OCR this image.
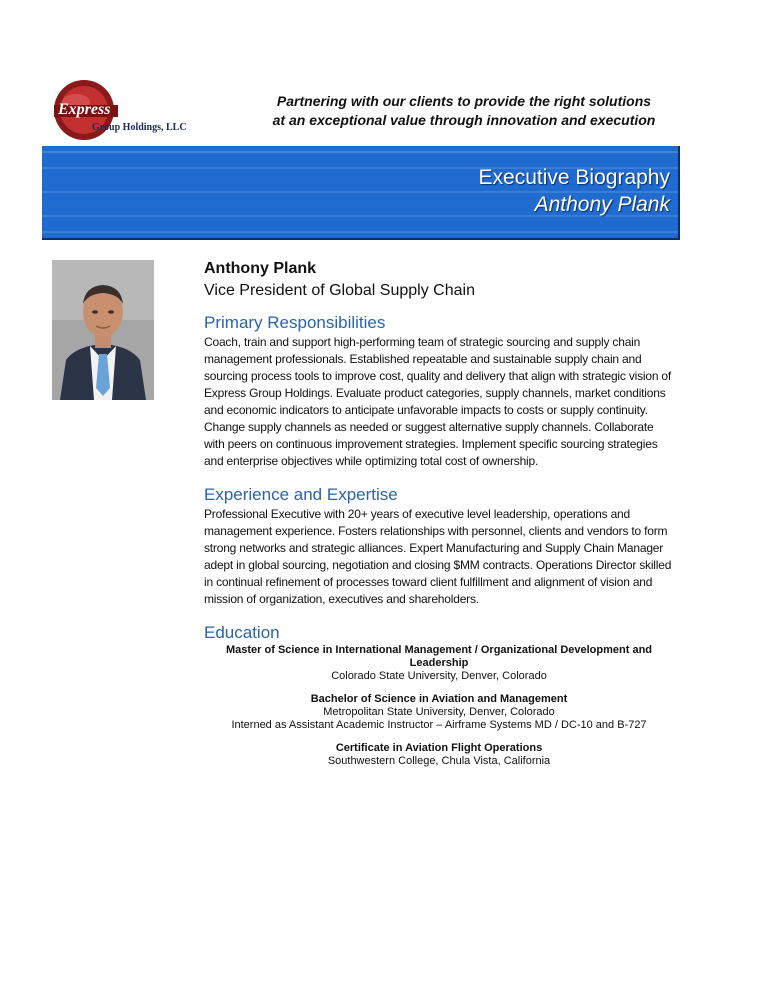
Express
Group Holdings, LLC
Partnering with our clients to provide the right solutions
at an exceptional value through innovation and execution
Executive Biography
Anthony Plank
Anthony Plank
Vice President of Global Supply Chain
Primary Responsibilities
Coach, train and support high-performing team of strategic sourcing and supply chain management professionals. Established repeatable and sustainable supply chain and sourcing process tools to improve cost, quality and delivery that align with strategic vision of Express Group Holdings. Evaluate product categories, supply channels, market conditions and economic indicators to anticipate unfavorable impacts to costs or supply continuity. Change supply channels as needed or suggest alternative supply channels. Collaborate with peers on continuous improvement strategies. Implement specific sourcing strategies and enterprise objectives while optimizing total cost of ownership.
Experience and Expertise
Professional Executive with 20+ years of executive level leadership, operations and management experience. Fosters relationships with personnel, clients and vendors to form strong networks and strategic alliances. Expert Manufacturing and Supply Chain Manager adept in global sourcing, negotiation and closing $MM contracts. Operations Director skilled in continual refinement of processes toward client fulfillment and alignment of vision and mission of organization, executives and shareholders.
Education
Master of Science in International Management / Organizational Development and Leadership
Colorado State University, Denver, Colorado
Bachelor of Science in Aviation and Management
Metropolitan State University, Denver, Colorado
Interned as Assistant Academic Instructor – Airframe Systems MD / DC-10 and B-727
Certificate in Aviation Flight Operations
Southwestern College, Chula Vista, California
